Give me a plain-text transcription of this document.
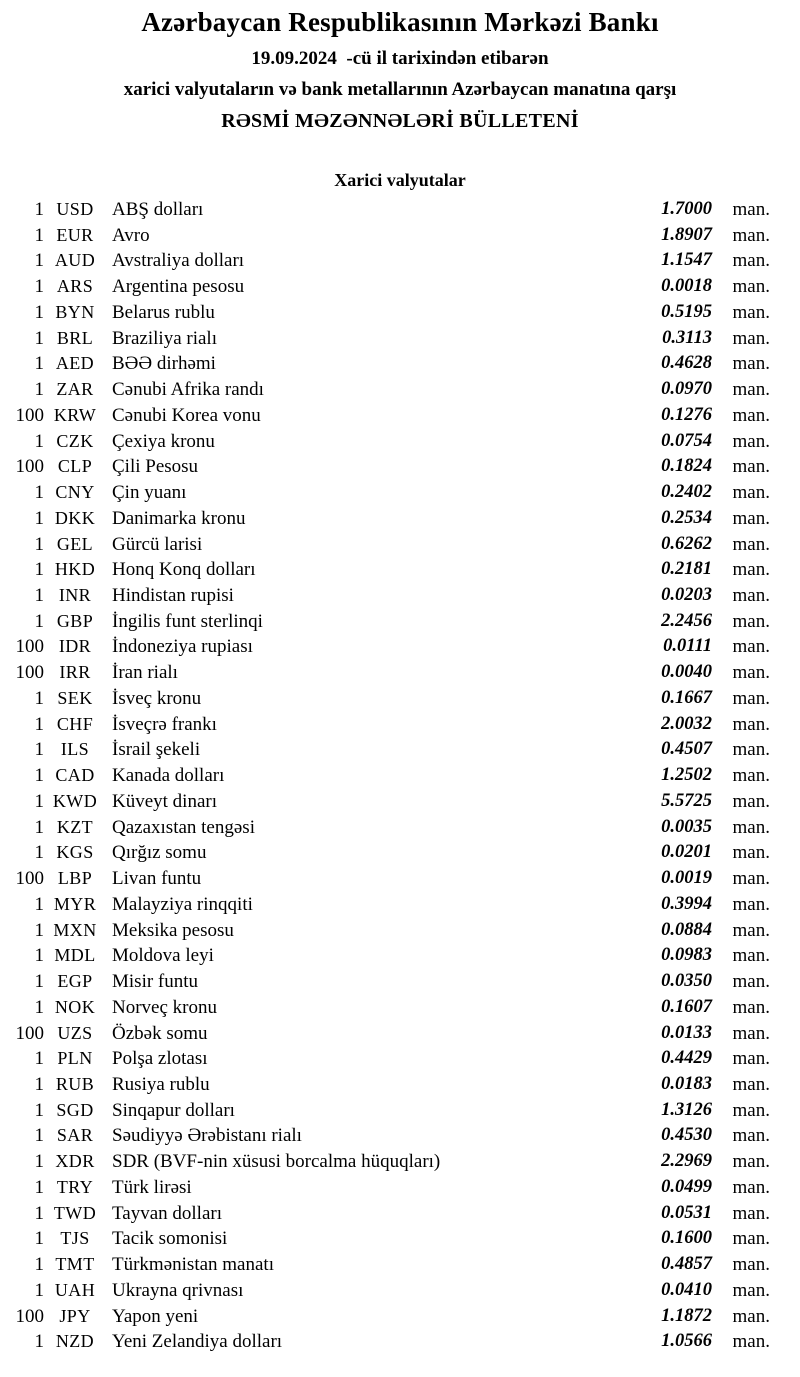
Azərbaycan Respublikasının Mərkəzi Bankı
19.09.2024  -cü il tarixindən etibarən
xarici valyutaların və bank metallarının Azərbaycan manatına qarşı
RƏSMİ MƏZƏNNƏLƏRİ BÜLLETENİ
Xarici valyutalar
1 USD ABŞ dolları	1.7000	man.
1 EUR Avro	1.8907	man.
1 AUD Avstraliya dolları	1.1547	man.
1 ARS Argentina pesosu	0.0018	man.
1 BYN Belarus rublu	0.5195	man.
1 BRL Braziliya rialı	0.3113	man.
1 AED BƏƏ dirhəmi	0.4628	man.
1 ZAR Cənubi Afrika randı	0.0970	man.
100 KRW Cənubi Korea vonu	0.1276	man.
1 CZK Çexiya kronu	0.0754	man.
100 CLP	Çili Pesosu	0.1824	man.
1 CNY Çin yuanı	0.2402	man.
1 DKK Danimarka kronu	0.2534	man.
1 GEL Gürcü larisi	0.6262	man.
1 HKD Honq Konq dolları	0.2181	man.
1 INR	Hindistan rupisi	0.0203	man.
1 GBP İngilis funt sterlinqi	2.2456	man.
100 IDR	İndoneziya rupiası	0.0111	man.
100 IRR	İran rialı	0.0040	man.
1 SEK	İsveç kronu	0.1667	man.
1 CHF İsveçrə frankı	2.0032	man.
1 ILS	İsrail şekeli	0.4507	man.
1 CAD Kanada dolları	1.2502	man.
1 KWD Küveyt dinarı	5.5725	man.
1 KZT Qazaxıstan tengəsi	0.0035	man.
1 KGS Qırğız somu	0.0201	man.
100 LBP	Livan funtu	0.0019	man.
1 MYR Malayziya rinqqiti	0.3994	man.
1 MXN Meksika pesosu	0.0884	man.
1 MDL Moldova leyi	0.0983	man.
1 EGP	Misir funtu	0.0350	man.
1 NOK Norveç kronu	0.1607	man.
100 UZS	Özbək somu	0.0133	man.
1 PLN	Polşa zlotası	0.4429	man.
1 RUB Rusiya rublu	0.0183	man.
1 SGD Sinqapur dolları	1.3126	man.
1 SAR Səudiyyə Ərəbistanı rialı	0.4530	man.
1 XDR SDR (BVF-nin xüsusi borcalma hüquqları)	2.2969	man.
1 TRY Türk lirəsi	0.0499	man.
1 TWD Tayvan dolları	0.0531	man.
1 TJS	Tacik somonisi	0.1600	man.
1 TMT Türkmənistan manatı	0.4857	man.
1 UAH Ukrayna qrivnası	0.0410	man.
100 JPY	Yapon yeni	1.1872	man.
1 NZD Yeni Zelandiya dolları	1.0566	man.
